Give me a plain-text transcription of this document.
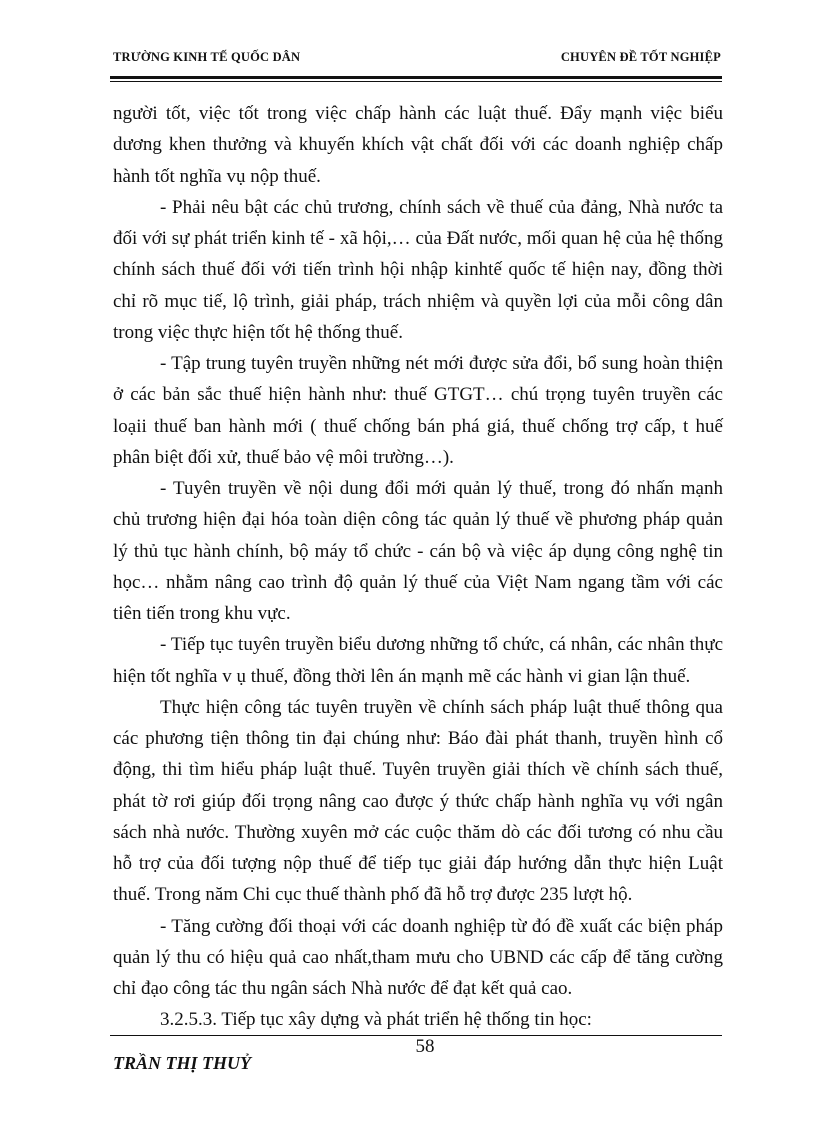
TRƯỜNG KINH TẾ QUỐC DÂN	CHUYÊN ĐỀ TỐT NGHIỆP

người tốt, việc tốt trong việc chấp hành các luật thuế. Đẩy mạnh việc biểu dương khen thưởng và khuyến khích vật chất đối với các doanh nghiệp chấp hành tốt nghĩa vụ nộp thuế.

- Phải nêu bật các chủ trương, chính sách về thuế của đảng, Nhà nước ta đối với sự phát triển kinh tế - xã hội,… của Đất nước, mối quan hệ của hệ thống chính sách thuế đối với tiến trình hội nhập kinhtế quốc tế hiện nay, đồng thời chỉ rõ mục tiế, lộ trình, giải pháp, trách nhiệm và quyền lợi của mỗi công dân trong việc thực hiện tốt hệ thống thuế.

- Tập trung tuyên truyền những nét mới được sửa đổi, bổ sung hoàn thiện ở các bản sắc thuế hiện hành như: thuế GTGT… chú trọng tuyên truyền các loạii thuế ban hành mới ( thuế chống bán phá giá, thuế chống trợ cấp, t huế phân biệt đối xử, thuế bảo vệ môi trường…).

- Tuyên truyền về nội dung đổi mới quản lý thuế, trong đó nhấn mạnh chủ trương hiện đại hóa toàn diện công tác quản lý thuế về phương pháp quản lý thủ tục hành chính, bộ máy tổ chức - cán bộ và việc áp dụng công nghệ tin học… nhằm nâng cao trình độ quản lý thuế của Việt Nam ngang tầm với các tiên tiến trong khu vực.

- Tiếp tục tuyên truyền biểu dương những tổ chức, cá nhân, các nhân thực hiện tốt nghĩa v ụ thuế, đồng thời lên án mạnh mẽ các hành vi gian lận thuế.

Thực hiện công tác tuyên truyền về chính sách pháp luật thuế thông qua các phương tiện thông tin đại chúng như: Báo đài phát thanh, truyền hình cổ động, thi tìm hiểu pháp luật thuế. Tuyên truyền giải thích về chính sách thuế, phát tờ rơi giúp đối trọng nâng cao được ý thức chấp hành nghĩa vụ với ngân sách nhà nước. Thường xuyên mở các cuộc thăm dò các đối tương có nhu cầu hỗ trợ của đối tượng nộp thuế để tiếp tục giải đáp hướng dẫn thực hiện Luật thuế. Trong năm Chi cục thuế thành phố đã hỗ trợ được 235 lượt hộ.

- Tăng cường đối thoại với các doanh nghiệp từ đó đề xuất các biện pháp quản lý thu có hiệu quả cao nhất,tham mưu cho UBND các cấp để tăng cường chỉ đạo công tác thu ngân sách Nhà nước để đạt kết quả cao.

3.2.5.3. Tiếp tục xây dựng và phát triển hệ thống tin học:

58
TRẦN THỊ THUỶ
